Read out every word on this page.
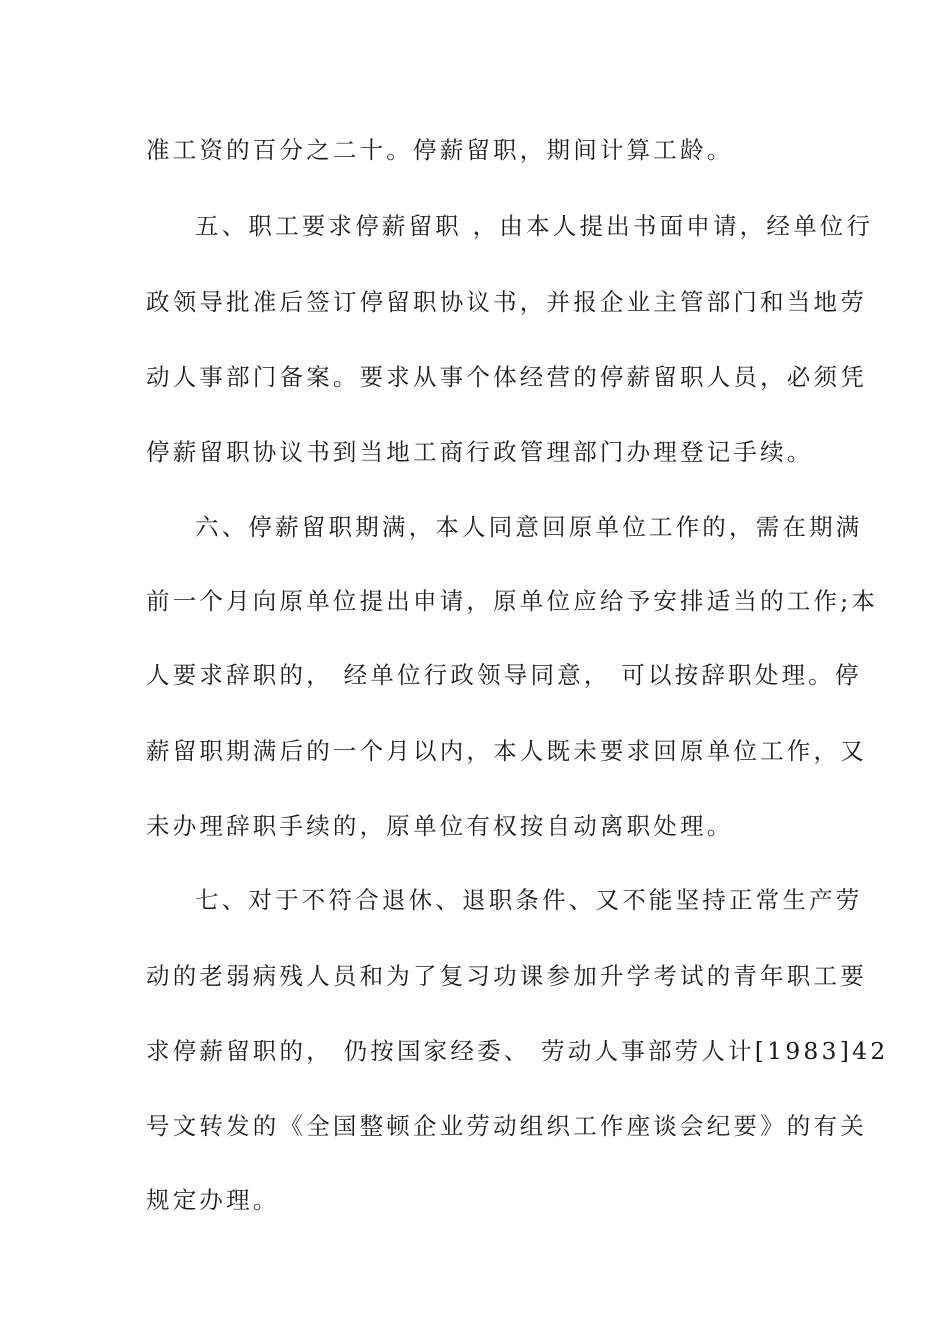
准工资的百分之二十。停薪留职，期间计算工龄。
五、职工要求停薪留职 ，由本人提出书面申请，经单位行
政领导批准后签订停留职协议书，并报企业主管部门和当地劳
动人事部门备案。要求从事个体经营的停薪留职人员，必须凭
停薪留职协议书到当地工商行政管理部门办理登记手续。
六、停薪留职期满，本人同意回原单位工作的，需在期满
前一个月向原单位提出申请，原单位应给予安排适当的工作;本
人要求辞职的， 经单位行政领导同意， 可以按辞职处理。停
薪留职期满后的一个月以内，本人既未要求回原单位工作，又
未办理辞职手续的，原单位有权按自动离职处理。
七、对于不符合退休、退职条件、又不能坚持正常生产劳
动的老弱病残人员和为了复习功课参加升学考试的青年职工要
求停薪留职的， 仍按国家经委、 劳动人事部劳人计[1983]42
号文转发的《全国整顿企业劳动组织工作座谈会纪要》的有关
规定办理。
